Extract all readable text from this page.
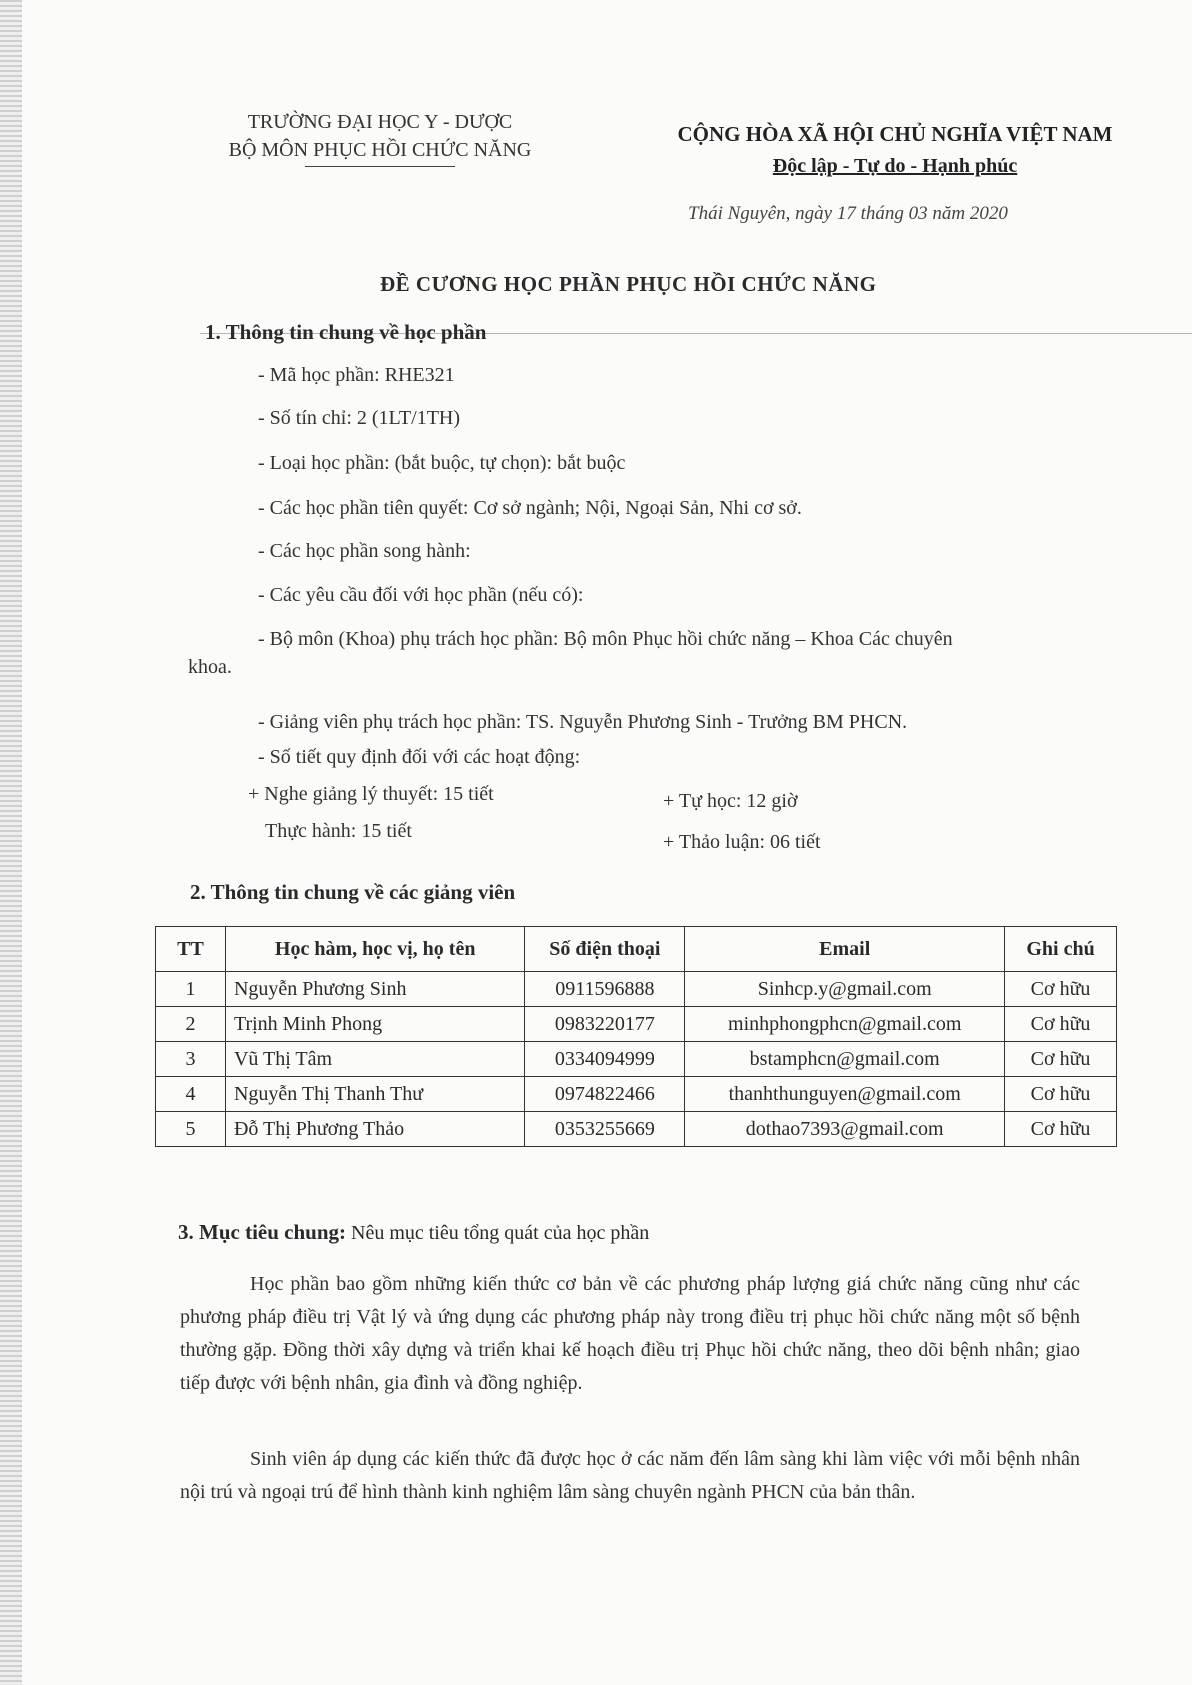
TRƯỜNG ĐẠI HỌC Y - DƯỢC
BỘ MÔN PHỤC HỒI CHỨC NĂNG
CỘNG HÒA XÃ HỘI CHỦ NGHĨA VIỆT NAM
Độc lập - Tự do - Hạnh phúc
Thái Nguyên, ngày 17 tháng 03 năm 2020
ĐỀ CƯƠNG HỌC PHẦN PHỤC HỒI CHỨC NĂNG
1. Thông tin chung về học phần
- Mã học phần: RHE321
- Số tín chỉ: 2 (1LT/1TH)
- Loại học phần: (bắt buộc, tự chọn): bắt buộc
- Các học phần tiên quyết: Cơ sở ngành; Nội, Ngoại Sản, Nhi cơ sở.
- Các học phần song hành:
- Các yêu cầu đối với học phần (nếu có):
- Bộ môn (Khoa) phụ trách học phần: Bộ môn Phục hồi chức năng – Khoa Các chuyên
khoa.
- Giảng viên phụ trách học phần: TS. Nguyễn Phương Sinh - Trưởng BM PHCN.
- Số tiết quy định đối với các hoạt động:
+ Nghe giảng lý thuyết: 15 tiết
Thực hành: 15 tiết
+ Tự học: 12 giờ
+ Thảo luận: 06 tiết
2. Thông tin chung về các giảng viên
TT	Học hàm, học vị, họ tên	Số điện thoại	Email	Ghi chú
1	Nguyễn Phương Sinh	0911596888	Sinhcp.y@gmail.com	Cơ hữu
2	Trịnh Minh Phong	0983220177	minhphongphcn@gmail.com	Cơ hữu
3	Vũ Thị Tâm	0334094999	bstamphcn@gmail.com	Cơ hữu
4	Nguyễn Thị Thanh Thư	0974822466	thanhthunguyen@gmail.com	Cơ hữu
5	Đỗ Thị Phương Thảo	0353255669	dothao7393@gmail.com	Cơ hữu
3. Mục tiêu chung: Nêu mục tiêu tổng quát của học phần
Học phần bao gồm những kiến thức cơ bản về các phương pháp lượng giá chức năng cũng như các phương pháp điều trị Vật lý và ứng dụng các phương pháp này trong điều trị phục hồi chức năng một số bệnh thường gặp. Đồng thời xây dựng và triển khai kế hoạch điều trị Phục hồi chức năng, theo dõi bệnh nhân; giao tiếp được với bệnh nhân, gia đình và đồng nghiệp.
Sinh viên áp dụng các kiến thức đã được học ở các năm đến lâm sàng khi làm việc với mỗi bệnh nhân nội trú và ngoại trú để hình thành kinh nghiệm lâm sàng chuyên ngành PHCN của bản thân.
